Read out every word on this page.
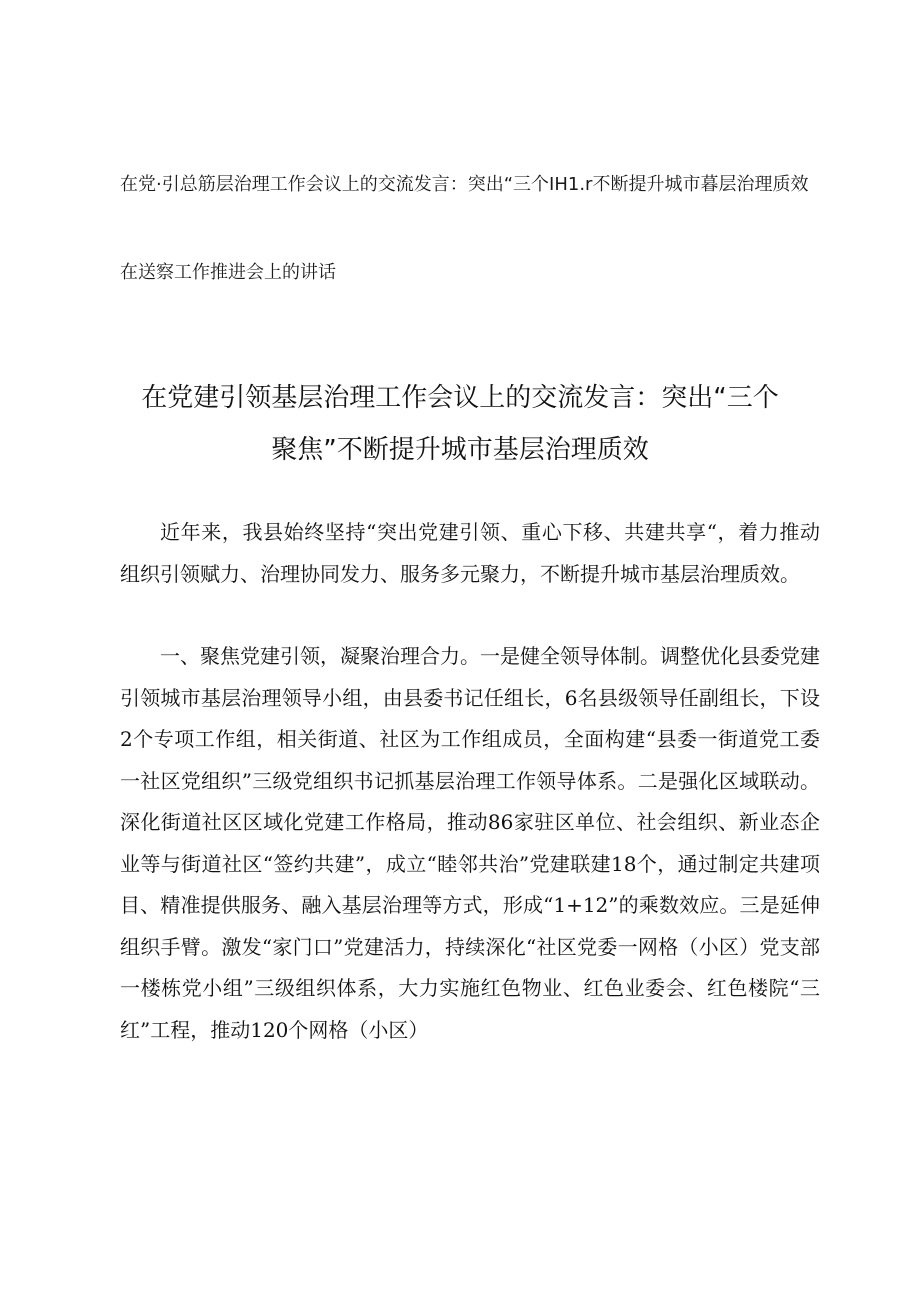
在党·引总筋层治理工作会议上的交流发言：突出“三个IH1.r不断提升城市暮层治理质效

在送察工作推进会上的讲话

在党建引领基层治理工作会议上的交流发言：突出“三个聚焦”不断提升城市基层治理质效

近年来，我县始终坚持“突出党建引领、重心下移、共建共享“，着力推动组织引领赋力、治理协同发力、服务多元聚力，不断提升城市基层治理质效。

一、聚焦党建引领，凝聚治理合力。一是健全领导体制。调整优化县委党建引领城市基层治理领导小组，由县委书记任组长，6名县级领导任副组长，下设2个专项工作组，相关街道、社区为工作组成员，全面构建“县委一街道党工委一社区党组织”三级党组织书记抓基层治理工作领导体系。二是强化区域联动。深化街道社区区域化党建工作格局，推动86家驻区单位、社会组织、新业态企业等与街道社区“签约共建”，成立“睦邻共治”党建联建18个，通过制定共建项目、精准提供服务、融入基层治理等方式，形成“1+12”的乘数效应。三是延伸组织手臂。激发“家门口”党建活力，持续深化“社区党委一网格（小区）党支部一楼栋党小组”三级组织体系，大力实施红色物业、红色业委会、红色楼院“三红”工程，推动120个网格（小区）
